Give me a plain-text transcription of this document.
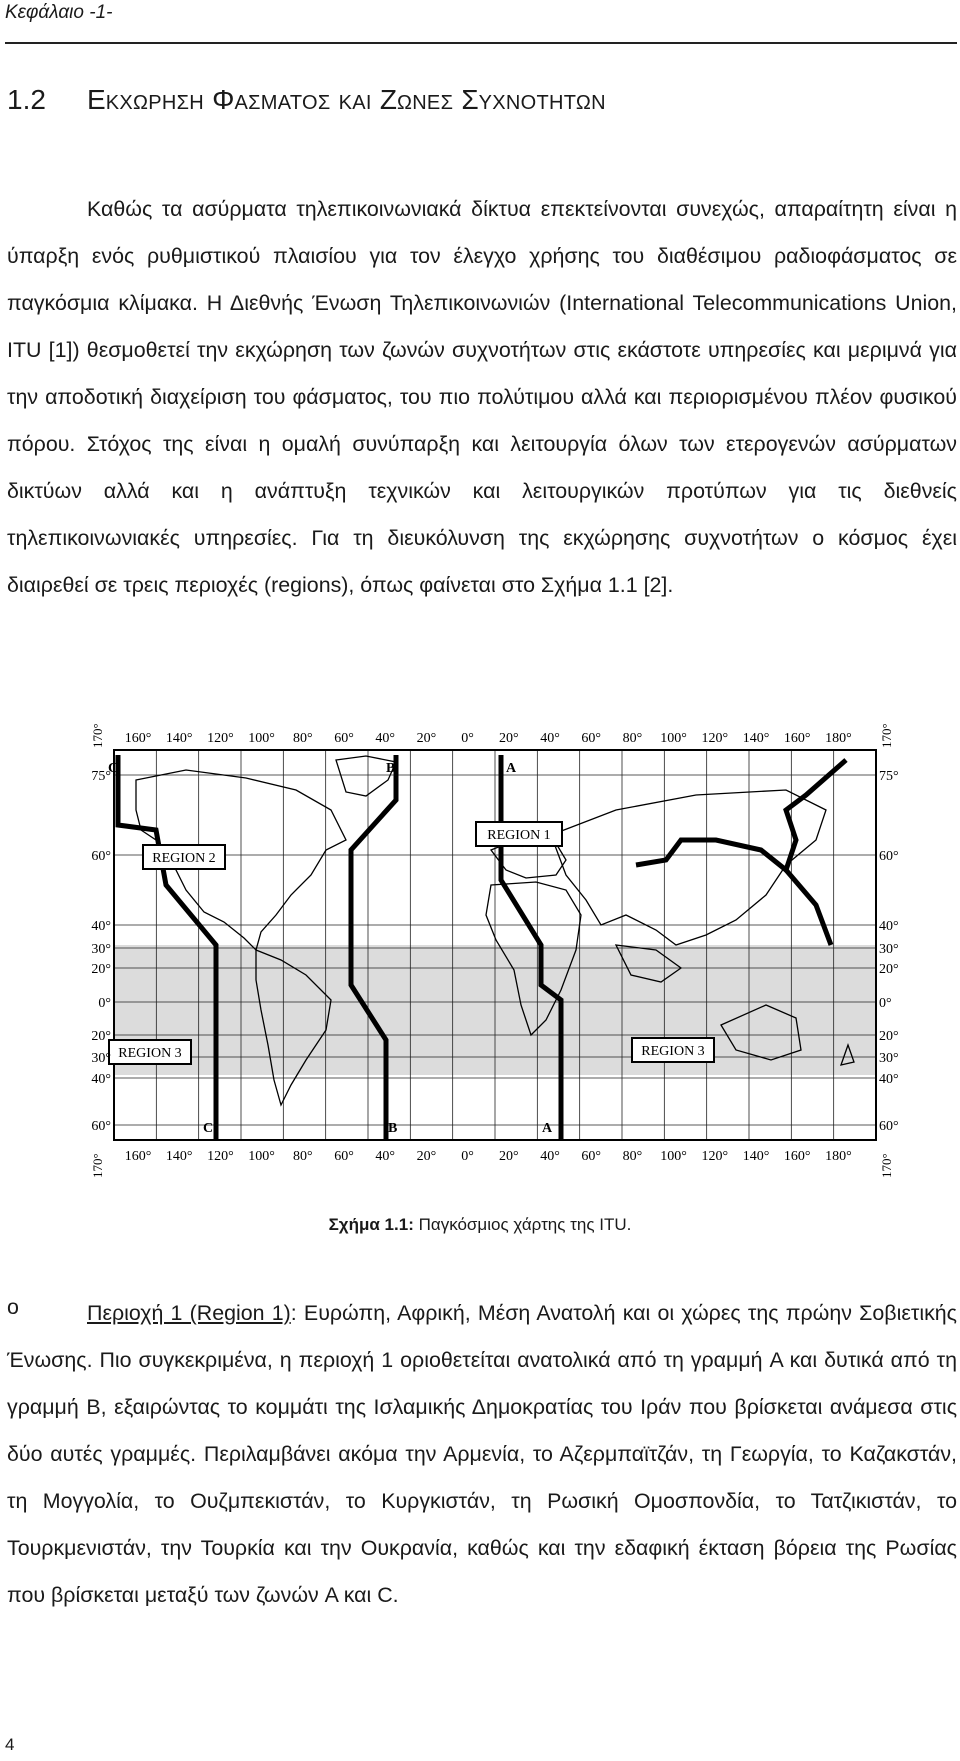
Κεφάλαιο -1-
1.2 Εκχωρηση Φασματος και Ζωνες Συχνοτητων
Καθώς τα ασύρματα τηλεπικοινωνιακά δίκτυα επεκτείνονται συνεχώς, απαραίτητη είναι η ύπαρξη ενός ρυθμιστικού πλαισίου για τον έλεγχο χρήσης του διαθέσιμου ραδιοφάσματος σε παγκόσμια κλίμακα. Η Διεθνής Ένωση Τηλεπικοινωνιών (International Telecommunications Union, ITU [1]) θεσμοθετεί την εκχώρηση των ζωνών συχνοτήτων στις εκάστοτε υπηρεσίες και μεριμνά για την αποδοτική διαχείριση του φάσματος, του πιο πολύτιμου αλλά και περιορισμένου πλέον φυσικού πόρου. Στόχος της είναι η ομαλή συνύπαρξη και λειτουργία όλων των ετερογενών ασύρματων δικτύων αλλά και η ανάπτυξη τεχνικών και λειτουργικών προτύπων για τις διεθνείς τηλεπικοινωνιακές υπηρεσίες. Για τη διευκόλυνση της εκχώρησης συχνοτήτων ο κόσμος έχει διαιρεθεί σε τρεις περιοχές (regions), όπως φαίνεται στο Σχήμα 1.1 [2].
REGION 1
REGION 2
REGION 3	REGION 3
A
B
C
A
B
C
160° 140° 120° 100° 80° 60° 40° 20° 0° 20° 40° 60° 80° 100° 120° 140° 160° 180°
160° 140° 120° 100° 80° 60° 40° 20° 0° 20° 40° 60° 80° 100° 120° 140° 160° 180°
75°
60°
40°
30°
20°
0°
20°
30°
40°
60°
75°
60°
40°
30°
20°
0°
20°
30°
40°
60°
170°	170°
170°	170°
Σχήμα 1.1: Παγκόσμιος χάρτης της ITU.
o	Περιοχή 1 (Region 1): Ευρώπη, Αφρική, Μέση Ανατολή και οι χώρες της πρώην Σοβιετικής Ένωσης. Πιο συγκεκριμένα, η περιοχή 1 οριοθετείται ανατολικά από τη γραμμή A και δυτικά από τη γραμμή B, εξαιρώντας το κομμάτι της Ισλαμικής Δημοκρατίας του Ιράν που βρίσκεται ανάμεσα στις δύο αυτές γραμμές. Περιλαμβάνει ακόμα την Αρμενία, το Αζερμπαϊτζάν, τη Γεωργία, το Καζακστάν, τη Μογγολία, το Ουζμπεκιστάν, το Κυργκιστάν, τη Ρωσική Ομοσπονδία, το Τατζικιστάν, το Τουρκμενιστάν, την Τουρκία και την Ουκρανία, καθώς και την εδαφική έκταση βόρεια της Ρωσίας που βρίσκεται μεταξύ των ζωνών A και C.
4
